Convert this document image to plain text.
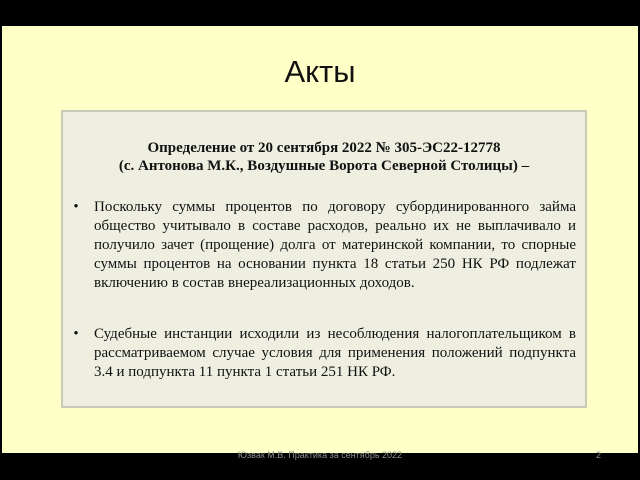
Акты
Определение от 20 сентября 2022 № 305-ЭС22-12778
(с. Антонова М.К., Воздушные Ворота Северной Столицы) –
• Поскольку суммы процентов по договору субординированного займа общество учитывало в составе расходов, реально их не выплачивало и получило зачет (прощение) долга от материнской компании, то спорные суммы процентов на основании пункта 18 статьи 250 НК РФ подлежат включению в состав внереализационных доходов.
• Судебные инстанции исходили из несоблюдения налогоплательщиком в рассматриваемом случае условия для применения положений подпункта 3.4 и подпункта 11 пункта 1 статьи 251 НК РФ.
Юзвак М.В. Практика за сентябрь 2022	2
